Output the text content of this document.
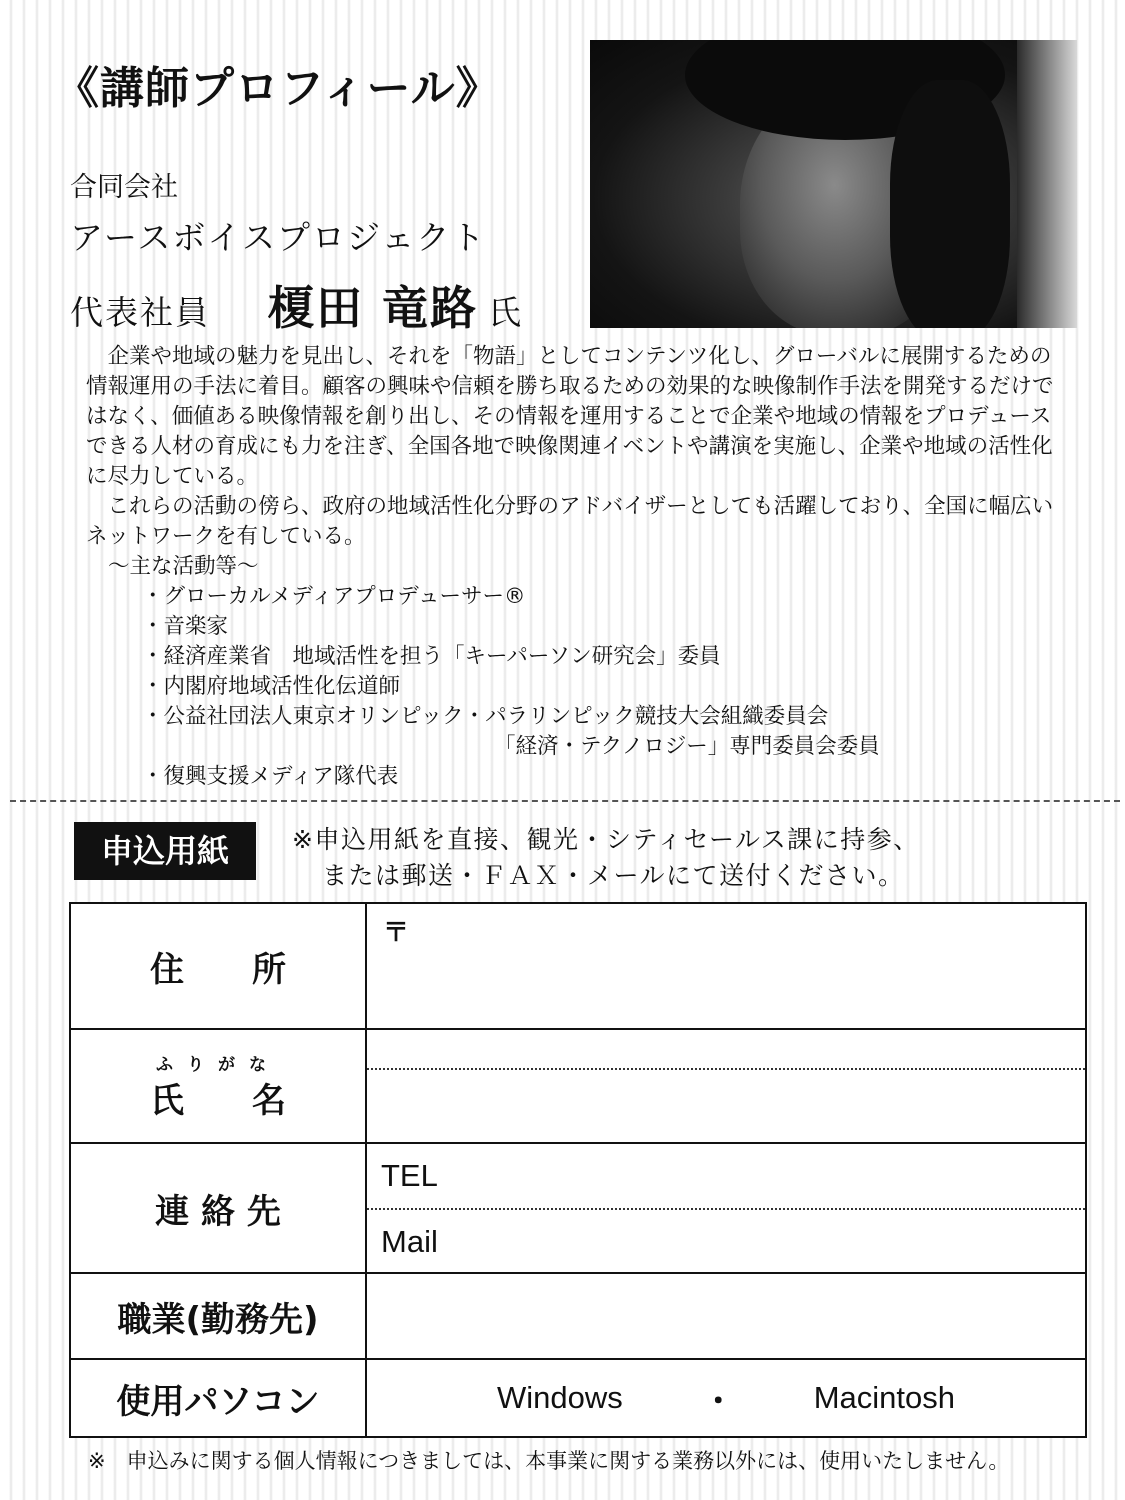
《講師プロフィール》
合同会社
アースボイスプロジェクト
代表社員 榎田 竜路 氏

企業や地域の魅力を見出し、それを「物語」としてコンテンツ化し、グローバルに展開するための情報運用の手法に着目。顧客の興味や信頼を勝ち取るための効果的な映像制作手法を開発するだけではなく、価値ある映像情報を創り出し、その情報を運用することで企業や地域の情報をプロデュースできる人材の育成にも力を注ぎ、全国各地で映像関連イベントや講演を実施し、企業や地域の活性化に尽力している。

これらの活動の傍ら、政府の地域活性化分野のアドバイザーとしても活躍しており、全国に幅広いネットワークを有している。

～主な活動等～
・グローカルメディアプロデューサー®
・音楽家
・経済産業省　地域活性を担う「キーパーソン研究会」委員
・内閣府地域活性化伝道師
・公益社団法人東京オリンピック・パラリンピック競技大会組織委員会
「経済・テクノロジー」専門委員会委員
・復興支援メディア隊代表
申込用紙	※申込用紙を直接、観光・シティセールス課に持参、
または郵送・ＦＡＸ・メールにて送付ください。
住　　所	〒

ふりがな
氏　　名	

連 絡 先	TEL
Mail

職業(勤務先)	
使用パソコン	Windows ・ Macintosh
※　申込みに関する個人情報につきましては、本事業に関する業務以外には、使用いたしません。
